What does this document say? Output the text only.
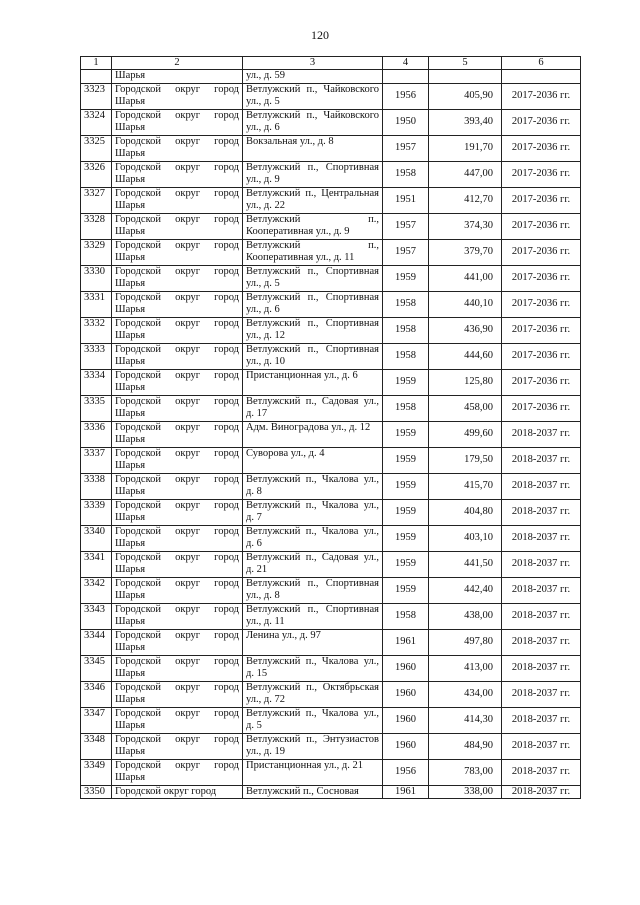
120
1	2	3	4	5	6
	Шарья	ул., д. 59			
3323	Городской округ город Шарья	Ветлужский п., Чайковского ул., д. 5	1956	405,90	2017-2036 гг.
3324	Городской округ город Шарья	Ветлужский п., Чайковского ул., д. 6	1950	393,40	2017-2036 гг.
3325	Городской округ город Шарья	Вокзальная ул., д. 8	1957	191,70	2017-2036 гг.
3326	Городской округ город Шарья	Ветлужский п., Спортивная ул., д. 9	1958	447,00	2017-2036 гг.
3327	Городской округ город Шарья	Ветлужский п., Центральная ул., д. 22	1951	412,70	2017-2036 гг.
3328	Городской округ город Шарья	Ветлужский п., Кооперативная ул., д. 9	1957	374,30	2017-2036 гг.
3329	Городской округ город Шарья	Ветлужский п., Кооперативная ул., д. 11	1957	379,70	2017-2036 гг.
3330	Городской округ город Шарья	Ветлужский п., Спортивная ул., д. 5	1959	441,00	2017-2036 гг.
3331	Городской округ город Шарья	Ветлужский п., Спортивная ул., д. 6	1958	440,10	2017-2036 гг.
3332	Городской округ город Шарья	Ветлужский п., Спортивная ул., д. 12	1958	436,90	2017-2036 гг.
3333	Городской округ город Шарья	Ветлужский п., Спортивная ул., д. 10	1958	444,60	2017-2036 гг.
3334	Городской округ город Шарья	Пристанционная ул., д. 6	1959	125,80	2017-2036 гг.
3335	Городской округ город Шарья	Ветлужский п., Садовая ул., д. 17	1958	458,00	2017-2036 гг.
3336	Городской округ город Шарья	Адм. Виноградова ул., д. 12	1959	499,60	2018-2037 гг.
3337	Городской округ город Шарья	Суворова ул., д. 4	1959	179,50	2018-2037 гг.
3338	Городской округ город Шарья	Ветлужский п., Чкалова ул., д. 8	1959	415,70	2018-2037 гг.
3339	Городской округ город Шарья	Ветлужский п., Чкалова ул., д. 7	1959	404,80	2018-2037 гг.
3340	Городской округ город Шарья	Ветлужский п., Чкалова ул., д. 6	1959	403,10	2018-2037 гг.
3341	Городской округ город Шарья	Ветлужский п., Садовая ул., д. 21	1959	441,50	2018-2037 гг.
3342	Городской округ город Шарья	Ветлужский п., Спортивная ул., д. 8	1959	442,40	2018-2037 гг.
3343	Городской округ город Шарья	Ветлужский п., Спортивная ул., д. 11	1958	438,00	2018-2037 гг.
3344	Городской округ город Шарья	Ленина ул., д. 97	1961	497,80	2018-2037 гг.
3345	Городской округ город Шарья	Ветлужский п., Чкалова ул., д. 15	1960	413,00	2018-2037 гг.
3346	Городской округ город Шарья	Ветлужский п., Октябрьская ул., д. 72	1960	434,00	2018-2037 гг.
3347	Городской округ город Шарья	Ветлужский п., Чкалова ул., д. 5	1960	414,30	2018-2037 гг.
3348	Городской округ город Шарья	Ветлужский п., Энтузиастов ул., д. 19	1960	484,90	2018-2037 гг.
3349	Городской округ город Шарья	Пристанционная ул., д. 21	1956	783,00	2018-2037 гг.
3350	Городской округ город	Ветлужский п., Сосновая	1961	338,00	2018-2037 гг.
